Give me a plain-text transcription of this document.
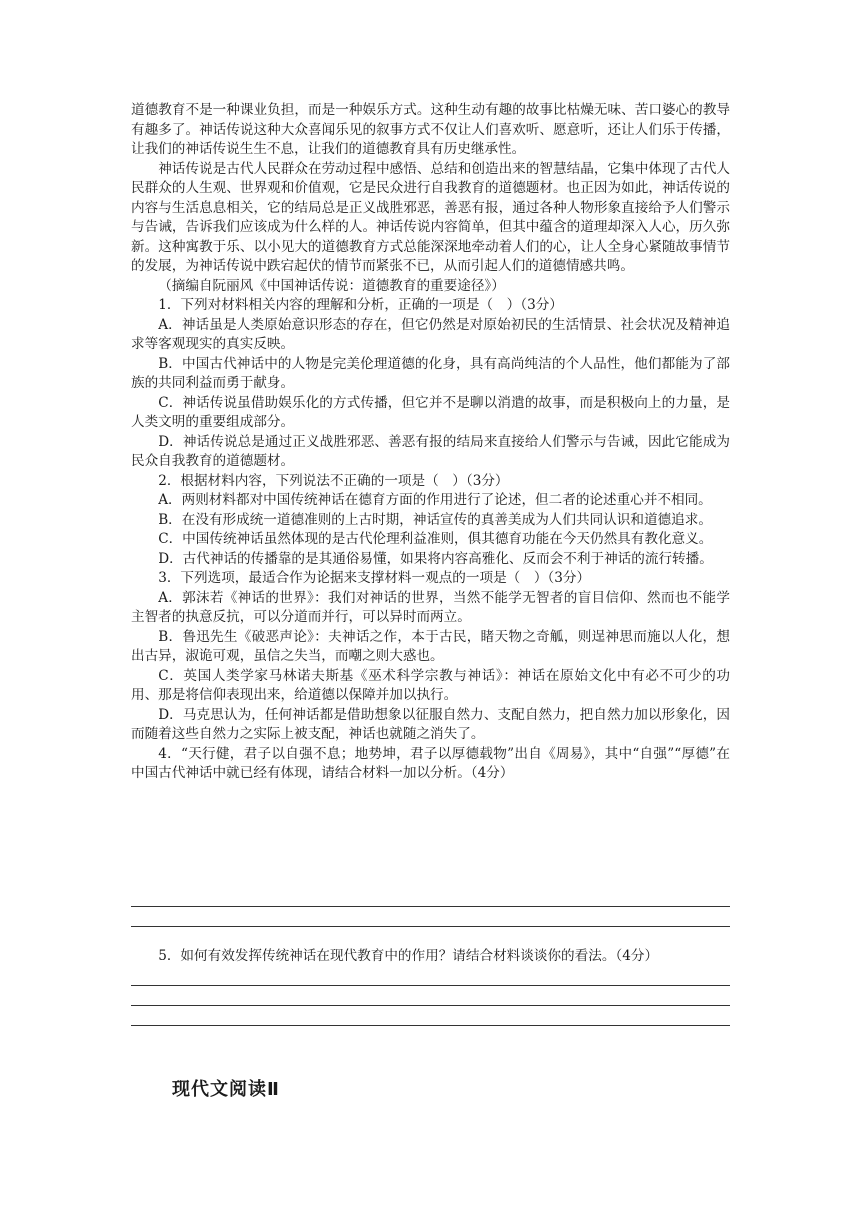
道德教育不是一种课业负担，而是一种娱乐方式。这种生动有趣的故事比枯燥无味、苦口婆心的教导有趣多了。神话传说这种大众喜闻乐见的叙事方式不仅让人们喜欢听、愿意听，还让人们乐于传播，让我们的神话传说生生不息，让我们的道德教育具有历史继承性。

神话传说是古代人民群众在劳动过程中感悟、总结和创造出来的智慧结晶，它集中体现了古代人民群众的人生观、世界观和价值观，它是民众进行自我教育的道德题材。也正因为如此，神话传说的内容与生活息息相关，它的结局总是正义战胜邪恶，善恶有报，通过各种人物形象直接给予人们警示与告诫，告诉我们应该成为什么样的人。神话传说内容简单，但其中蕴含的道理却深入人心，历久弥新。这种寓教于乐、以小见大的道德教育方式总能深深地牵动着人们的心，让人全身心紧随故事情节的发展，为神话传说中跌宕起伏的情节而紧张不已，从而引起人们的道德情感共鸣。

（摘编自阮丽风《中国神话传说：道德教育的重要途径》）

1．下列对材料相关内容的理解和分析，正确的一项是（　）（3分）

A．神话虽是人类原始意识形态的存在，但它仍然是对原始初民的生活情景、社会状况及精神追求等客观现实的真实反映。

B．中国古代神话中的人物是完美伦理道德的化身，具有高尚纯洁的个人品性，他们都能为了部族的共同利益而勇于献身。

C．神话传说虽借助娱乐化的方式传播，但它并不是聊以消遣的故事，而是积极向上的力量，是人类文明的重要组成部分。

D．神话传说总是通过正义战胜邪恶、善恶有报的结局来直接给人们警示与告诫，因此它能成为民众自我教育的道德题材。

2．根据材料内容，下列说法不正确的一项是（　）（3分）

A．两则材料都对中国传统神话在德育方面的作用进行了论述，但二者的论述重心并不相同。

B．在没有形成统一道德准则的上古时期，神话宣传的真善美成为人们共同认识和道德追求。

C．中国传统神话虽然体现的是古代伦理利益准则，俱其德育功能在今天仍然具有教化意义。

D．古代神话的传播靠的是其通俗易懂，如果将内容高雅化、反而会不利于神话的流行转播。

3．下列选项，最适合作为论据来支撑材料一观点的一项是（　）（3分）

A．郭沫若《神话的世界》：我们对神话的世界，当然不能学无智者的盲目信仰、然而也不能学主智者的执意反抗，可以分道而并行，可以异时而两立。

B．鲁迅先生《破恶声论》：夫神话之作，本于古民，睹天物之奇觚，则逞神思而施以人化，想出古异，淑诡可观，虽信之失当，而嘲之则大惑也。

C．英国人类学家马林诺夫斯基《巫术科学宗教与神话》：神话在原始文化中有必不可少的功用、那是将信仰表现出来，给道德以保障并加以执行。

D．马克思认为，任何神话都是借助想象以征服自然力、支配自然力，把自然力加以形象化，因而随着这些自然力之实际上被支配，神话也就随之消失了。

4．“天行健，君子以自强不息；地势坤，君子以厚德载物”出自《周易》，其中“自强”“厚德”在中国古代神话中就已经有体现，请结合材料一加以分析。（4分）

5．如何有效发挥传统神话在现代教育中的作用？请结合材料谈谈你的看法。（4分）

现代文阅读Ⅱ
